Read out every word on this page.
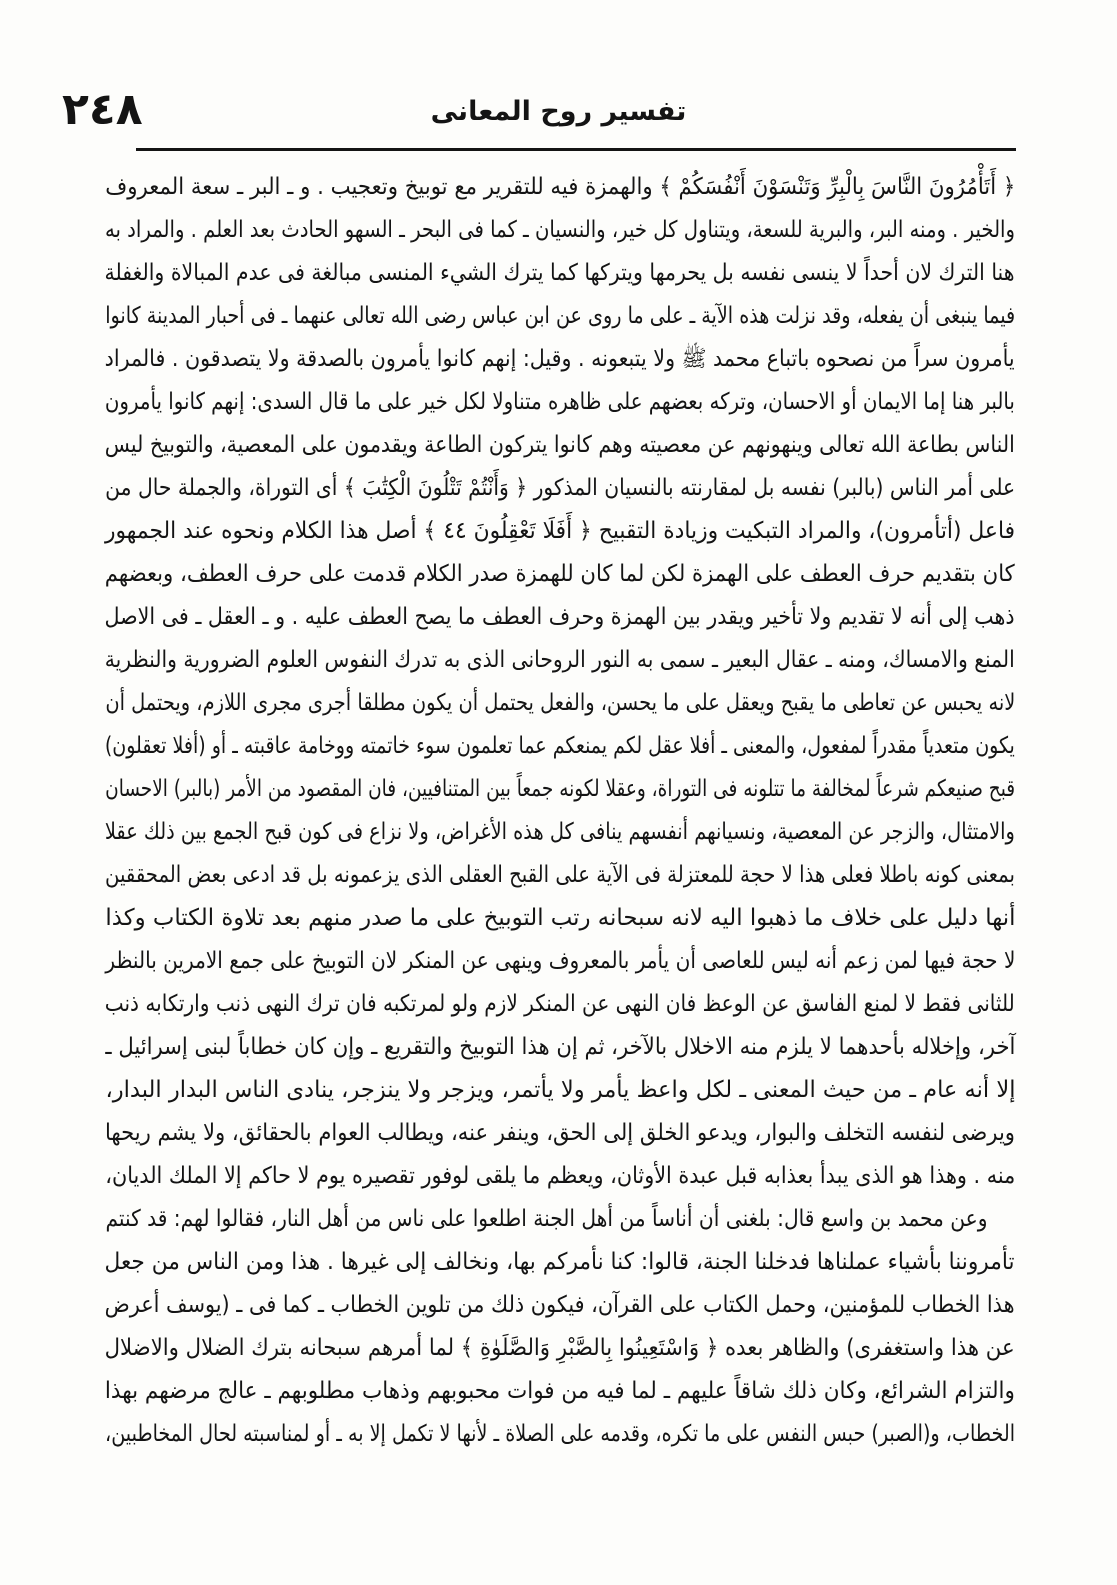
٢٤٨	تفسير روح المعانى
﴿ أَتَأْمُرُونَ النَّاسَ بِالْبِرِّ وَتَنْسَوْنَ أَنْفُسَكُمْ ﴾ والهمزة فيه للتقرير مع توبيخ وتعجيب . و ـ البر ـ سعة المعروف
والخير . ومنه البر، والبرية للسعة، ويتناول كل خير، والنسيان ـ كما فى البحر ـ السهو الحادث بعد العلم . والمراد به
هنا الترك لان أحداً لا ينسى نفسه بل يحرمها ويتركها كما يترك الشيء المنسى مبالغة فى عدم المبالاة والغفلة
فيما ينبغى أن يفعله، وقد نزلت هذه الآية ـ على ما روى عن ابن عباس رضى الله تعالى عنهما ـ فى أحبار المدينة كانوا
يأمرون سراً من نصحوه باتباع محمد ﷺ ولا يتبعونه . وقيل: إنهم كانوا يأمرون بالصدقة ولا يتصدقون . فالمراد
بالبر هنا إما الايمان أو الاحسان، وتركه بعضهم على ظاهره متناولا لكل خير على ما قال السدى: إنهم كانوا يأمرون
الناس بطاعة الله تعالى وينهونهم عن معصيته وهم كانوا يتركون الطاعة ويقدمون على المعصية، والتوبيخ ليس
على أمر الناس (بالبر) نفسه بل لمقارنته بالنسيان المذكور ﴿ وَأَنْتُمْ تَتْلُونَ الْكِتَٰبَ ﴾ أى التوراة، والجملة حال من
فاعل (أتأمرون)، والمراد التبكيت وزيادة التقبيح ﴿ أَفَلَا تَعْقِلُونَ ٤٤ ﴾ أصل هذا الكلام ونحوه عند الجمهور
كان بتقديم حرف العطف على الهمزة لكن لما كان للهمزة صدر الكلام قدمت على حرف العطف، وبعضهم
ذهب إلى أنه لا تقديم ولا تأخير ويقدر بين الهمزة وحرف العطف ما يصح العطف عليه . و ـ العقل ـ فى الاصل
المنع والامساك، ومنه ـ عقال البعير ـ سمى به النور الروحانى الذى به تدرك النفوس العلوم الضرورية والنظرية
لانه يحبس عن تعاطى ما يقبح ويعقل على ما يحسن، والفعل يحتمل أن يكون مطلقا أجرى مجرى اللازم، ويحتمل أن
يكون متعدياً مقدراً لمفعول، والمعنى ـ أفلا عقل لكم يمنعكم عما تعلمون سوء خاتمته ووخامة عاقبته ـ أو (أفلا تعقلون)
قبح صنيعكم شرعاً لمخالفة ما تتلونه فى التوراة، وعقلا لكونه جمعاً بين المتنافيين، فان المقصود من الأمر (بالبر) الاحسان
والامتثال، والزجر عن المعصية، ونسيانهم أنفسهم ينافى كل هذه الأغراض، ولا نزاع فى كون قبح الجمع بين ذلك عقلا
بمعنى كونه باطلا فعلى هذا لا حجة للمعتزلة فى الآية على القبح العقلى الذى يزعمونه بل قد ادعى بعض المحققين
أنها دليل على خلاف ما ذهبوا اليه لانه سبحانه رتب التوبيخ على ما صدر منهم بعد تلاوة الكتاب وكذا
لا حجة فيها لمن زعم أنه ليس للعاصى أن يأمر بالمعروف وينهى عن المنكر لان التوبيخ على جمع الامرين بالنظر
للثانى فقط لا لمنع الفاسق عن الوعظ فان النهى عن المنكر لازم ولو لمرتكبه فان ترك النهى ذنب وارتكابه ذنب
آخر، وإخلاله بأحدهما لا يلزم منه الاخلال بالآخر، ثم إن هذا التوبيخ والتقريع ـ وإن كان خطاباً لبنى إسرائيل ـ
إلا أنه عام ـ من حيث المعنى ـ لكل واعظ يأمر ولا يأتمر، ويزجر ولا ينزجر، ينادى الناس البدار البدار،
ويرضى لنفسه التخلف والبوار، ويدعو الخلق إلى الحق، وينفر عنه، ويطالب العوام بالحقائق، ولا يشم ريحها
منه . وهذا هو الذى يبدأ بعذابه قبل عبدة الأوثان، ويعظم ما يلقى لوفور تقصيره يوم لا حاكم إلا الملك الديان،
وعن محمد بن واسع قال: بلغنى أن أناساً من أهل الجنة اطلعوا على ناس من أهل النار، فقالوا لهم: قد كنتم
تأمروننا بأشياء عملناها فدخلنا الجنة، قالوا: كنا نأمركم بها، ونخالف إلى غيرها . هذا ومن الناس من جعل
هذا الخطاب للمؤمنين، وحمل الكتاب على القرآن، فيكون ذلك من تلوين الخطاب ـ كما فى ـ (يوسف أعرض
عن هذا واستغفرى) والظاهر بعده ﴿ وَاسْتَعِينُوا بِالصَّبْرِ وَالصَّلَوٰةِ ﴾ لما أمرهم سبحانه بترك الضلال والاضلال
والتزام الشرائع، وكان ذلك شاقاً عليهم ـ لما فيه من فوات محبوبهم وذهاب مطلوبهم ـ عالج مرضهم بهذا
الخطاب، و(الصبر) حبس النفس على ما تكره، وقدمه على الصلاة ـ لأنها لا تكمل إلا به ـ أو لمناسبته لحال المخاطبين،
